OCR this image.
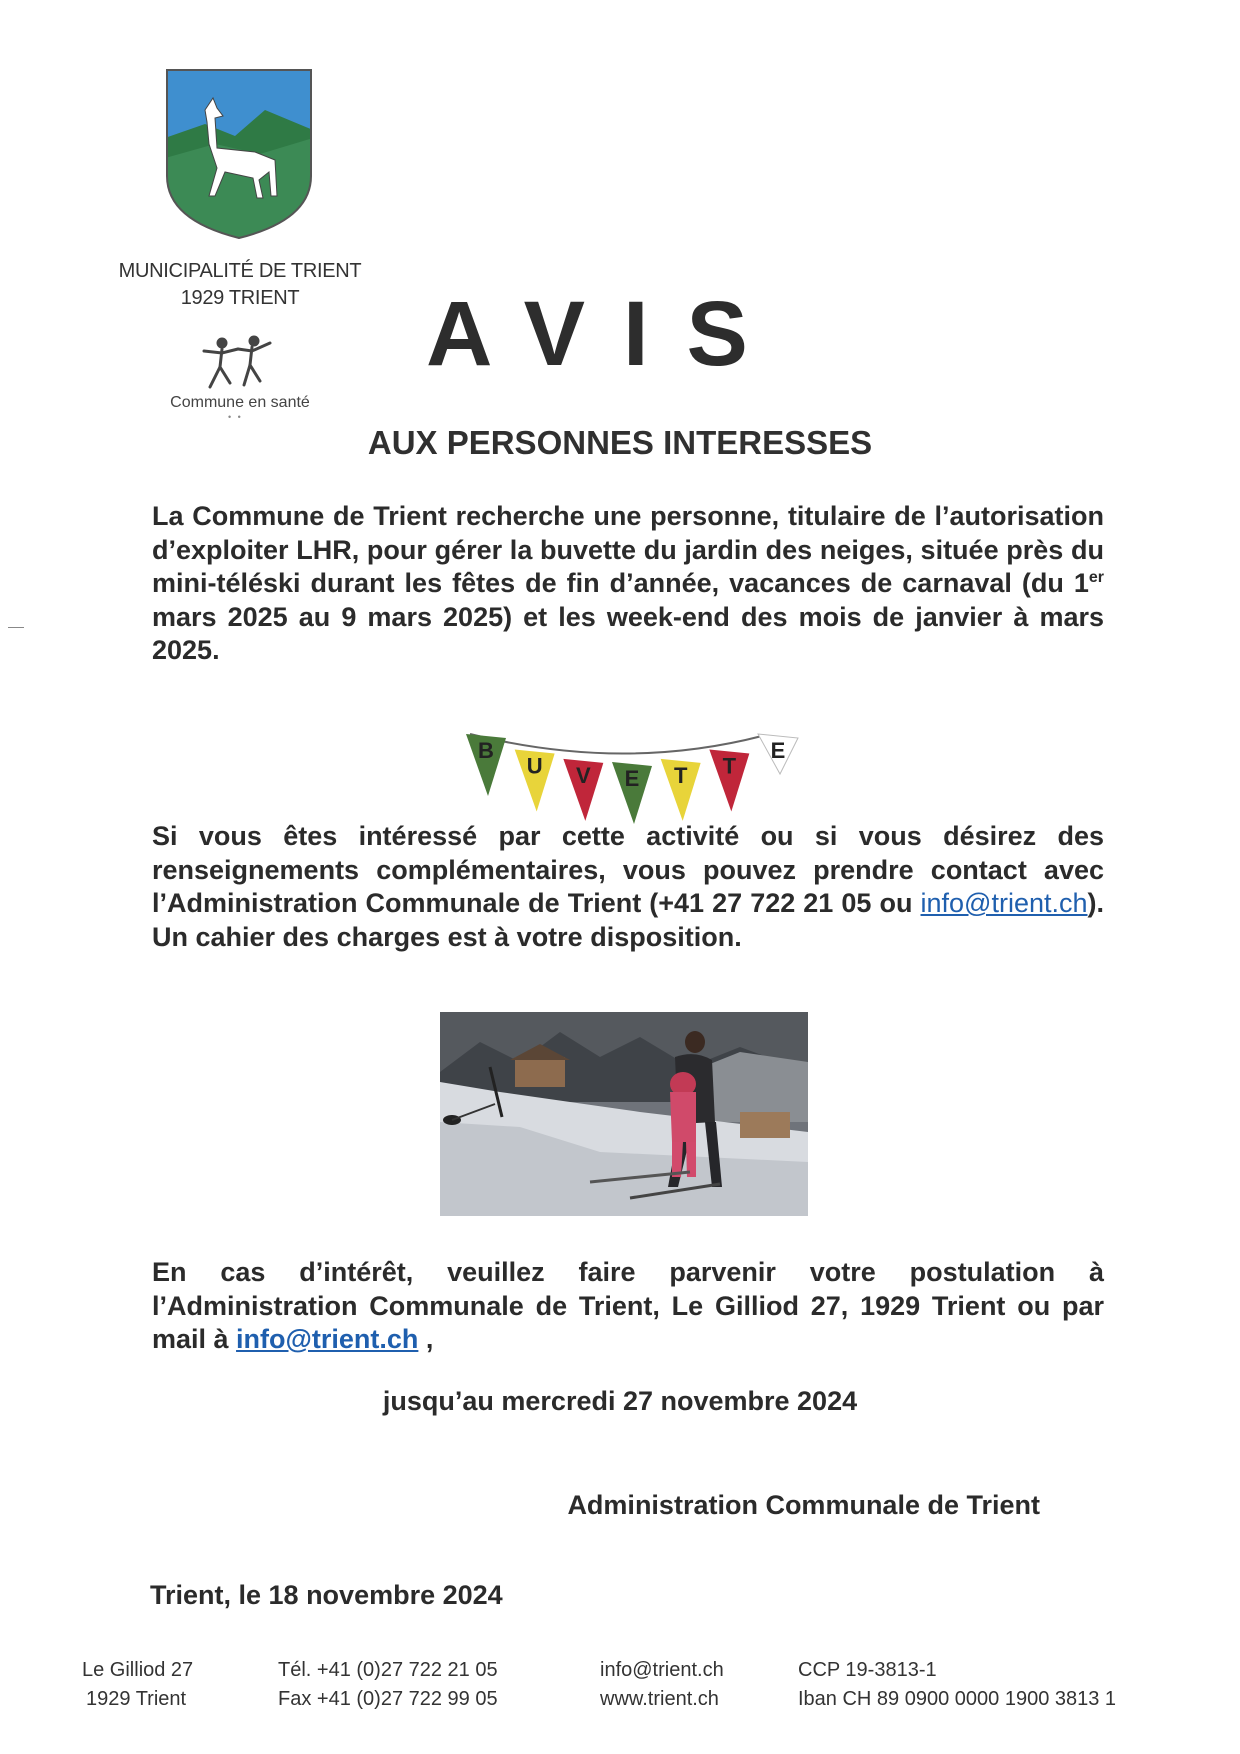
MUNICIPALITÉ DE TRIENT
1929 TRIENT
Commune en santé
• •
AVIS
AUX PERSONNES INTERESSES
La Commune de Trient recherche une personne, titulaire de l’autorisation d’exploiter LHR, pour gérer la buvette du jardin des neiges, située près du mini-téléski durant les fêtes de fin d’année, vacances de carnaval (du 1er mars 2025 au 9 mars 2025) et les week-end des mois de janvier à mars 2025.
B
U V E T T
E
Si vous êtes intéressé par cette activité ou si vous désirez des renseignements complémentaires, vous pouvez prendre contact avec l’Administration Communale de Trient (+41 27 722 21 05 ou info@trient.ch). Un cahier des charges est à votre disposition.
En cas d’intérêt, veuillez faire parvenir votre postulation à l’Administration Communale de Trient, Le Gilliod 27, 1929 Trient ou par mail à info@trient.ch ,
jusqu’au mercredi 27 novembre 2024
Administration Communale de Trient
Trient, le 18 novembre 2024
Le Gilliod 27
1929 Trient
Tél. +41 (0)27 722 21 05
Fax +41 (0)27 722 99 05
info@trient.ch
www.trient.ch
CCP 19-3813-1
Iban CH 89 0900 0000 1900 3813 1
